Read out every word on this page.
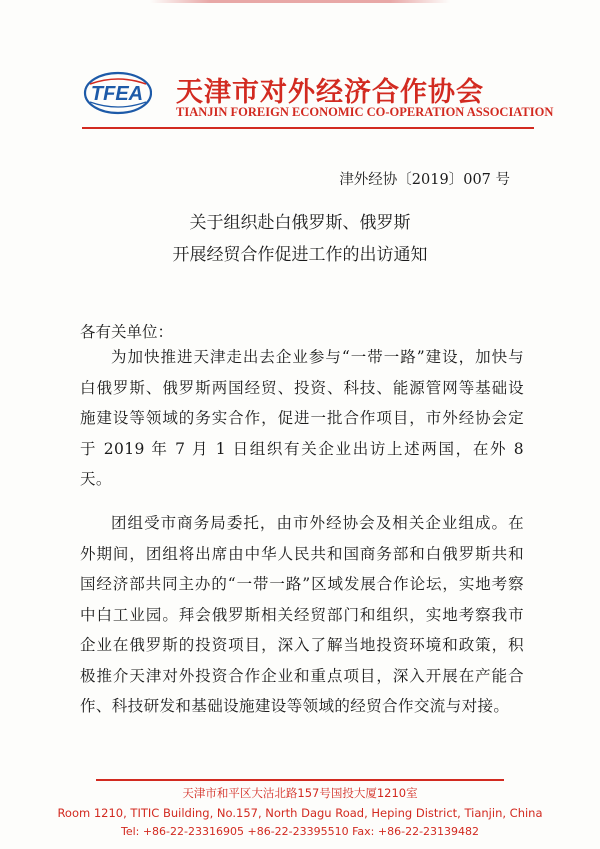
TFEA 天津市对外经济合作协会
TIANJIN FOREIGN ECONOMIC CO-OPERATION ASSOCIATION
津外经协〔2019〕007 号
关于组织赴白俄罗斯、俄罗斯
开展经贸合作促进工作的出访通知
各有关单位：

为加快推进天津走出去企业参与“一带一路”建设，加快与白俄罗斯、俄罗斯两国经贸、投资、科技、能源管网等基础设施建设等领域的务实合作，促进一批合作项目，市外经协会定于 2019 年 7 月 1 日组织有关企业出访上述两国，在外 8 天。

团组受市商务局委托，由市外经协会及相关企业组成。在外期间，团组将出席由中华人民共和国商务部和白俄罗斯共和国经济部共同主办的“一带一路”区域发展合作论坛，实地考察中白工业园。拜会俄罗斯相关经贸部门和组织，实地考察我市企业在俄罗斯的投资项目，深入了解当地投资环境和政策，积极推介天津对外投资合作企业和重点项目，深入开展在产能合作、科技研发和基础设施建设等领域的经贸合作交流与对接。

天津市和平区大沽北路157号国投大厦1210室
Room 1210, TITIC Building, No.157, North Dagu Road, Heping District, Tianjin, China
Tel: +86-22-23316905 +86-22-23395510 Fax: +86-22-23139482
